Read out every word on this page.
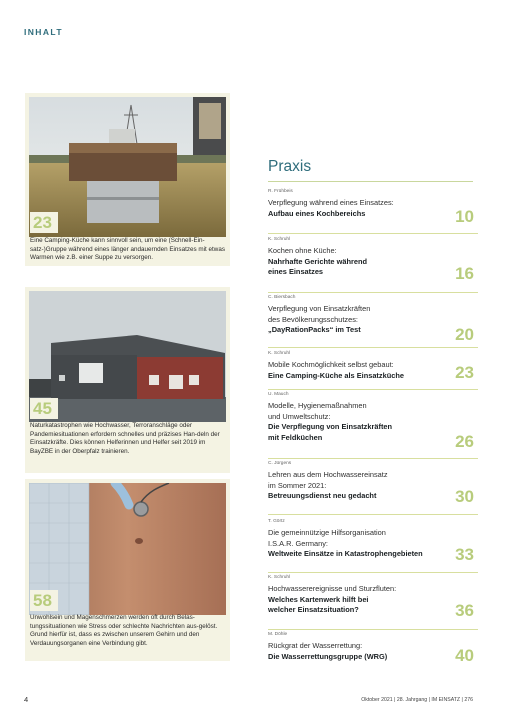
INHALT
23
Eine Camping-Küche kann sinnvoll sein, um eine (Schnell-Ein-satz-)Gruppe während eines länger andauernden Einsatzes mit etwas Warmen wie z.B. einer Suppe zu versorgen.
45
Naturkatastrophen wie Hochwasser, Terroranschläge oder Pandemiesituationen erfordern schnelles und präzises Han-deln der Einsatzkräfte. Dies können Helferinnen und Helfer seit 2019 im BayZBE in der Oberpfalz trainieren.
58
Unwohlsein und Magenschmerzen werden oft durch Belas-tungssituationen wie Stress oder schlechte Nachrichten aus-gelöst. Grund hierfür ist, dass es zwischen unserem Gehirn und den Verdauungsorganen eine Verbindung gibt.
Praxis
R. Frühbeis
Verpflegung während eines Einsatzes:
Aufbau eines Kochbereichs	10
K. Schruhl
Kochen ohne Küche:
Nahrhafte Gerichte während
eines Einsatzes	16
C. Biersbach
Verpflegung von Einsatzkräften
des Bevölkerungsschutzes:
„DayRationPacks“ im Test	20
K. Schruhl
Mobile Kochmöglichkeit selbst gebaut:
Eine Camping-Küche als Einsatzküche	23
U. Mauch
Modelle, Hygienemaßnahmen
und Umweltschutz:
Die Verpflegung von Einsatzkräften
mit Feldküchen	26
C. Jürgens
Lehren aus dem Hochwassereinsatz
im Sommer 2021:
Betreuungsdienst neu gedacht	30
T. Görtz
Die gemeinnützige Hilfsorganisation
I.S.A.R. Germany:
Weltweite Einsätze in Katastrophengebieten	33
K. Schruhl
Hochwasserereignisse und Sturzfluten:
Welches Kartenwerk hilft bei
welcher Einsatzsituation?	36
M. Döhle
Rückgrat der Wasserrettung:
Die Wasserrettungsgruppe (WRG)	40
4	Oktober 2021 | 28. Jahrgang | IM EINSATZ | 276
